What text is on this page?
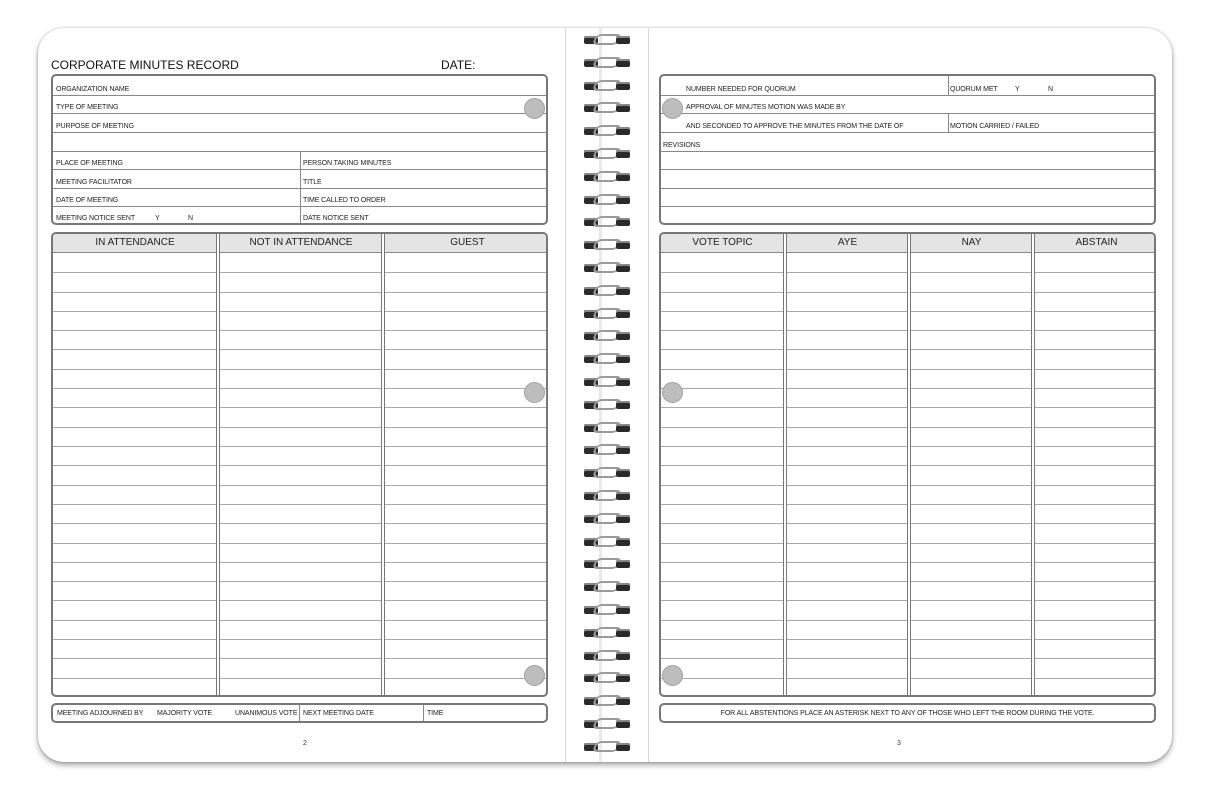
CORPORATE MINUTES RECORD	DATE:
ORGANIZATION NAME
TYPE OF MEETING
PURPOSE OF MEETING
PLACE OF MEETING	PERSON TAKING MINUTES
MEETING FACILITATOR	TITLE
DATE OF MEETING	TIME CALLED TO ORDER
MEETING NOTICE SENT	Y	N	DATE NOTICE SENT
IN ATTENDANCE	NOT IN ATTENDANCE	GUEST
MEETING ADJOURNED BY MAJORITY VOTE	UNANIMOUS VOTE NEXT MEETING DATE	TIME
2
NUMBER NEEDED FOR QUORUM	QUORUM MET Y	N
APPROVAL OF MINUTES MOTION WAS MADE BY
AND SECONDED TO APPROVE THE MINUTES FROM THE DATE OF	MOTION CARRIED / FAILED
REVISIONS
VOTE TOPIC	AYE	NAY	ABSTAIN
FOR ALL ABSTENTIONS PLACE AN ASTERISK NEXT TO ANY OF THOSE WHO LEFT THE ROOM DURING THE VOTE.
3
